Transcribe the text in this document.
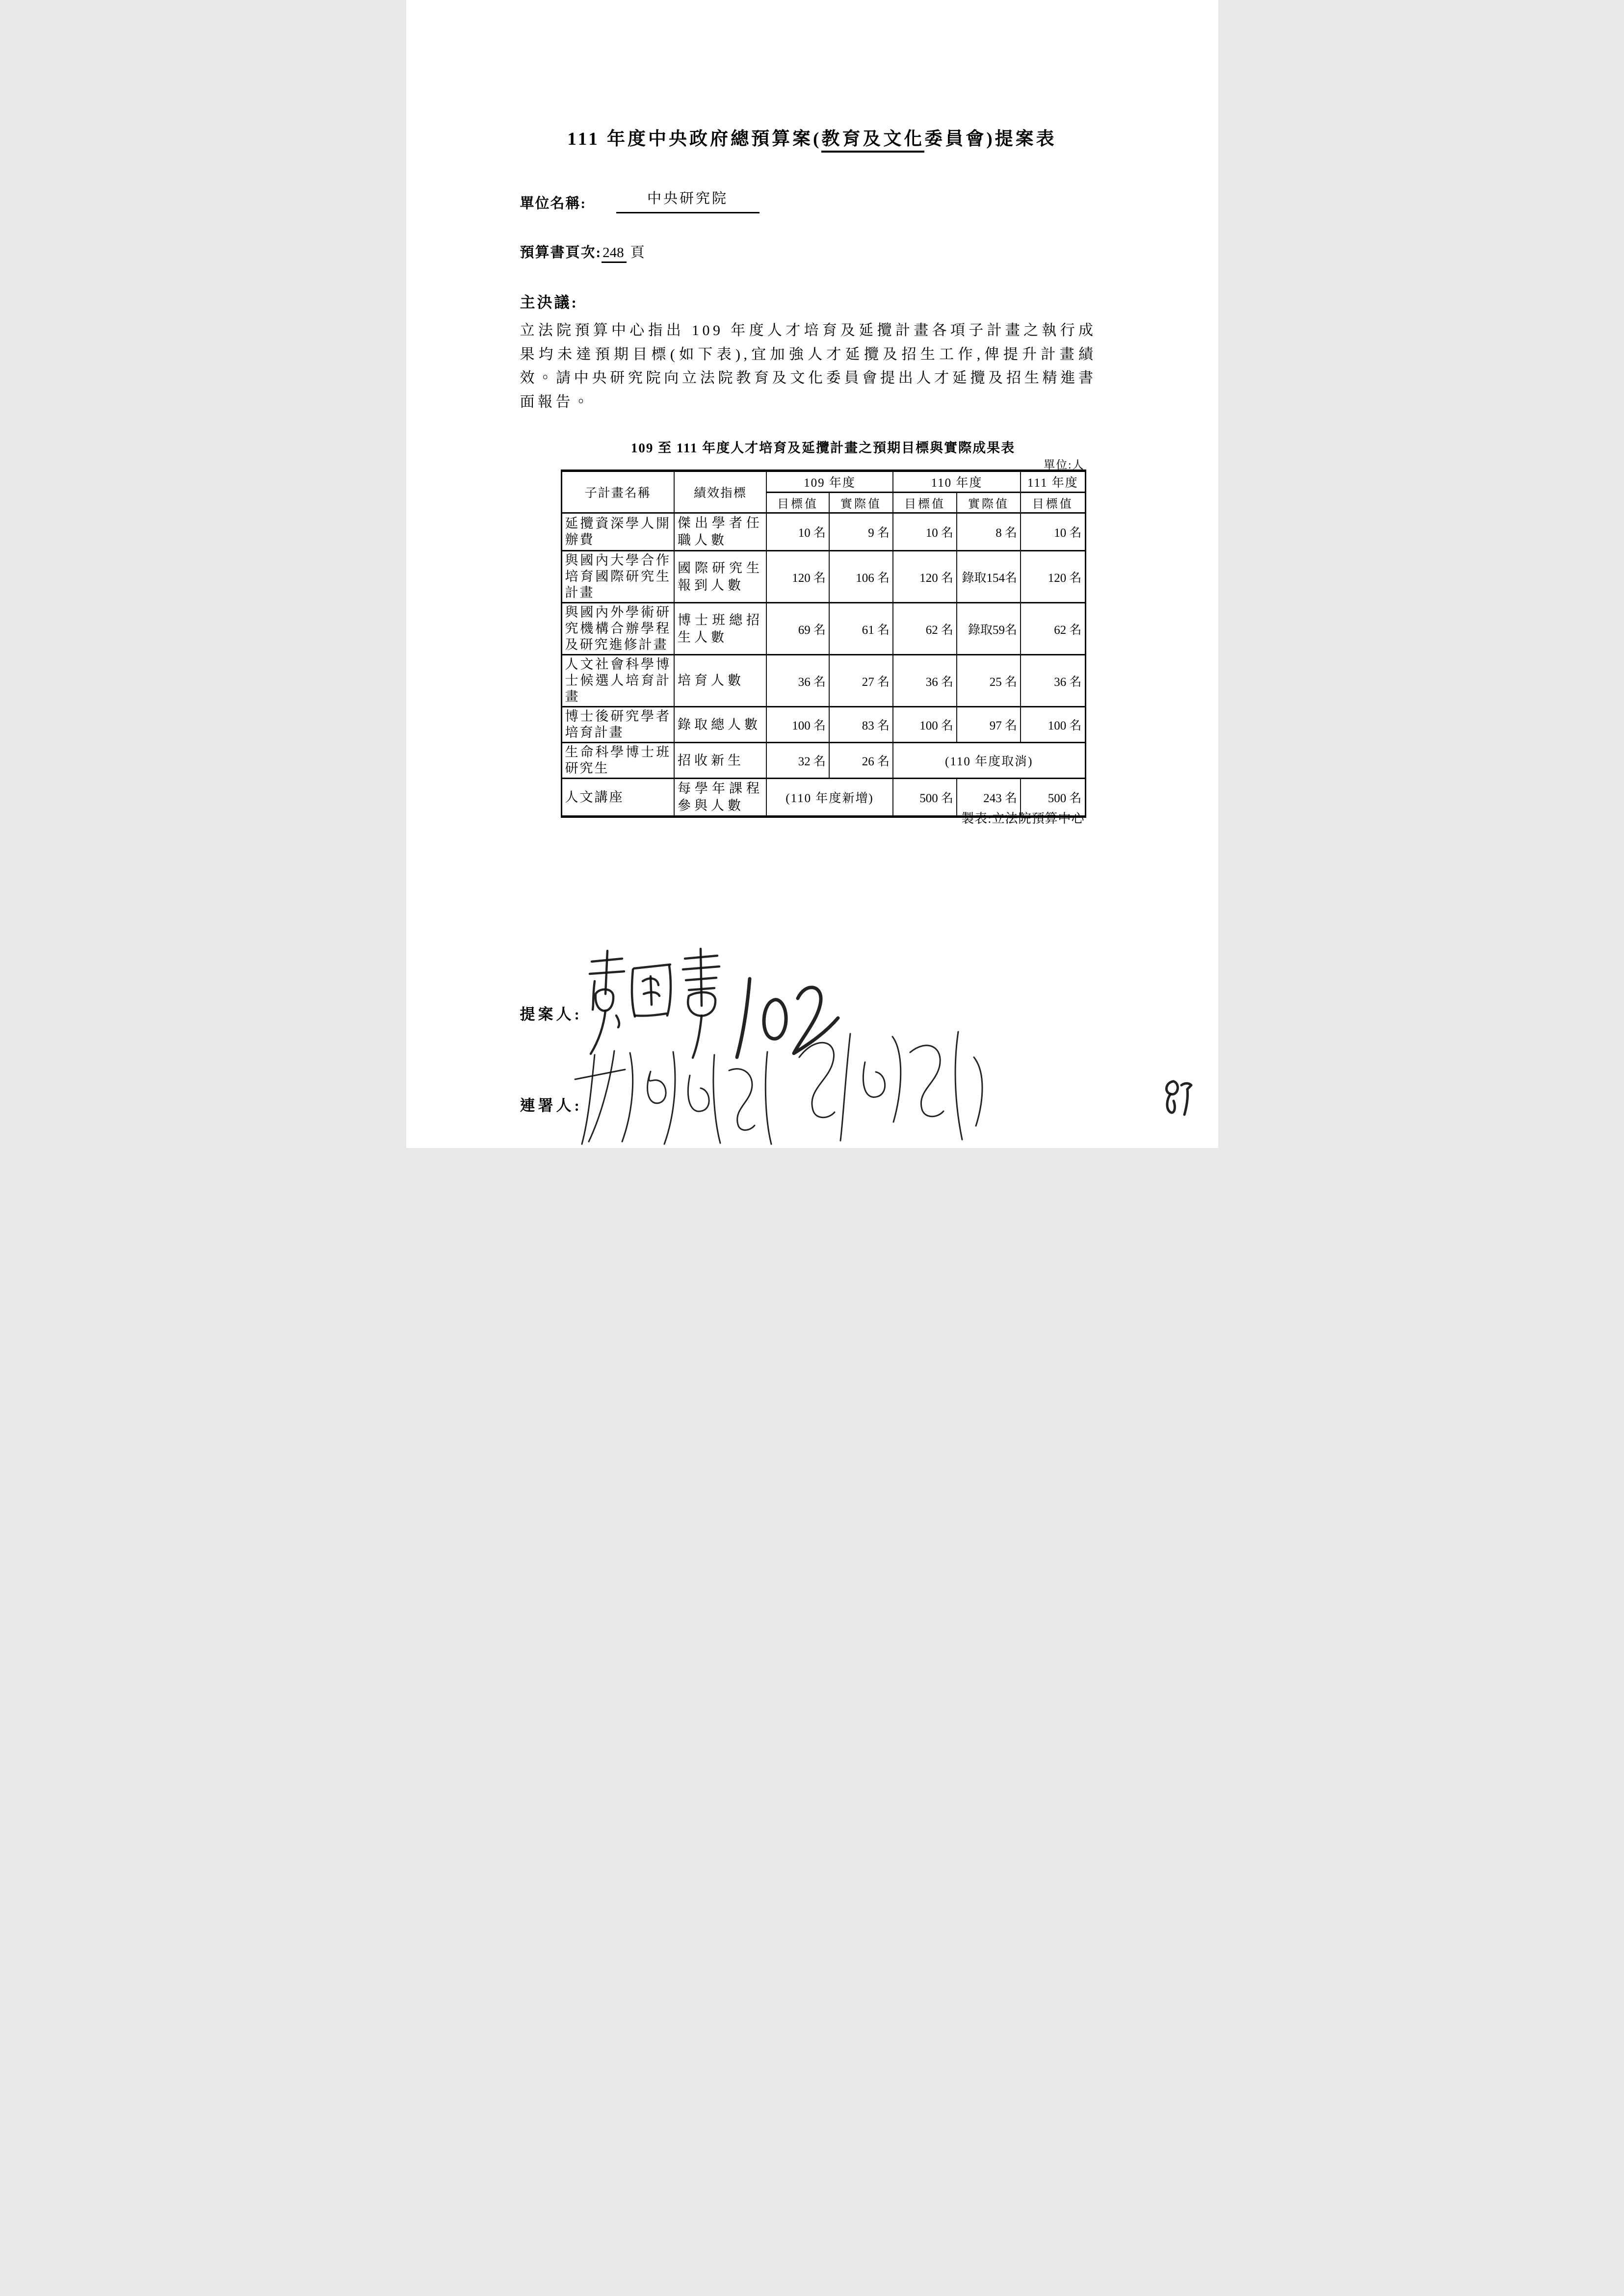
111 年度中央政府總預算案(教育及文化委員會)提案表
單位名稱:	中央研究院
預算書頁次:248 頁
主決議:
立法院預算中心指出 109 年度人才培育及延攬計畫各項子計畫之執行成果均未達預期目標(如下表),宜加強人才延攬及招生工作,俾提升計畫績效。請中央研究院向立法院教育及文化委員會提出人才延攬及招生精進書面報告。
109 至 111 年度人才培育及延攬計畫之預期目標與實際成果表
單位:人
子計畫名稱	績效指標	109 年度		110 年度		111 年度
		目標值	實際值	目標值	實際值	目標值
延攬資深學人開辦費	傑出學者任職人數	10 名	9 名	10 名	8 名	10 名
與國內大學合作培育國際研究生計畫	國際研究生報到人數	120 名	106 名	120 名	錄取154名	120 名
與國內外學術研究機構合辦學程及研究進修計畫	博士班總招生人數	69 名	61 名	62 名	錄取59名	62 名
人文社會科學博士候選人培育計畫	培育人數	36 名	27 名	36 名	25 名	36 名
博士後研究學者培育計畫	錄取總人數	100 名	83 名	100 名	97 名	100 名
生命科學博士班研究生	招收新生	32 名	26 名	(110 年度取消)		
人文講座	每學年課程參與人數	(110 年度新增)		500 名	243 名	500 名
製表:立法院預算中心
提案人:
連署人:
